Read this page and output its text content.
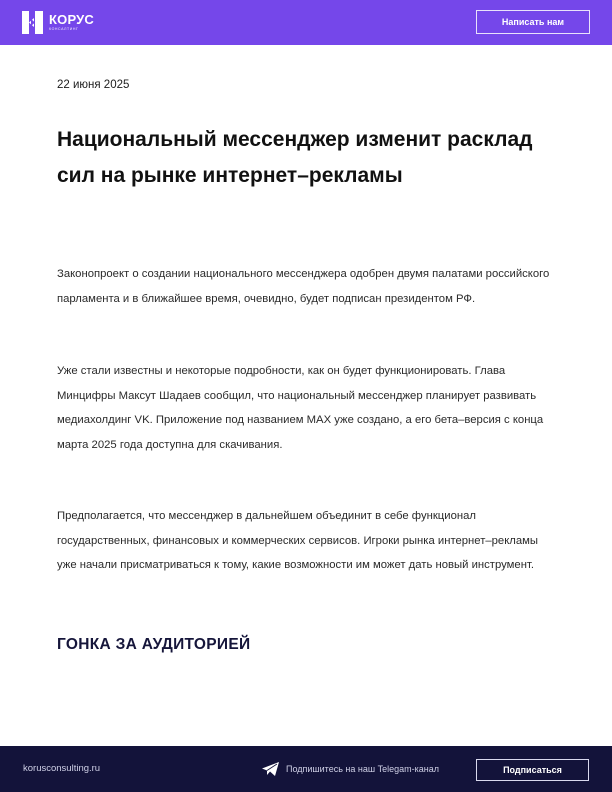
КОРУС
КОНСАЛТИНГ
Написать нам
22 июня 2025
Национальный мессенджер изменит расклад сил на рынке интернет–рекламы

Законопроект о создании национального мессенджера одобрен двумя палатами российского парламента и в ближайшее время, очевидно, будет подписан президентом РФ.

Уже стали известны и некоторые подробности, как он будет функционировать. Глава Минцифры Максут Шадаев сообщил, что национальный мессенджер планирует развивать медиахолдинг VK. Приложение под названием MAX уже создано, а его бета–версия с конца марта 2025 года доступна для скачивания.

Предполагается, что мессенджер в дальнейшем объединит в себе функционал государственных, финансовых и коммерческих сервисов. Игроки рынка интернет–рекламы уже начали присматриваться к тому, какие возможности им может дать новый инструмент.

ГОНКА ЗА АУДИТОРИЕЙ
korusconsulting.ru	Подпишитесь на наш Telegam-канал	Подписаться
